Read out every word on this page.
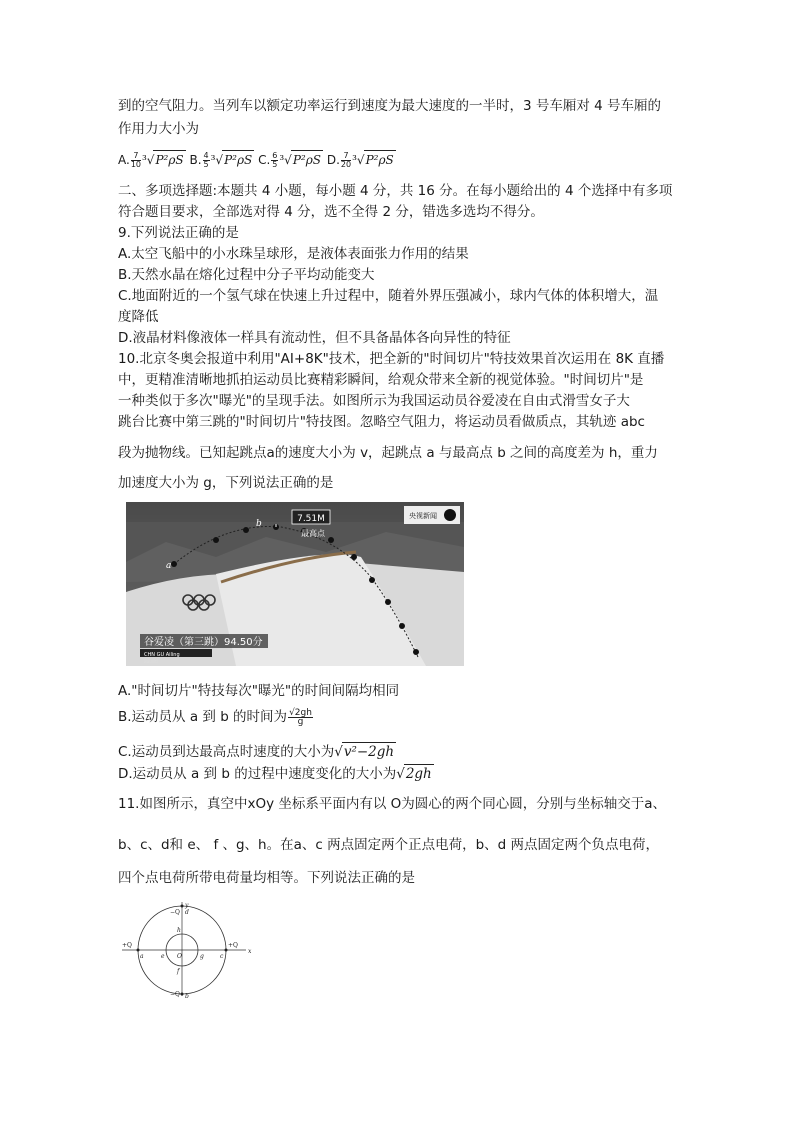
到的空气阻力。当列车以额定功率运行到速度为最大速度的一半时，3 号车厢对 4 号车厢的
作用力大小为
A. $\frac{7}{10} ^3√P^2\rho S$ B. $\frac{4}{5} ^3√P^2\rho S$ C. $\frac{6}{5} ^3√P^2\rho S$ D. $\frac{7}{20} ^3√P^2\rho S$
二、多项选择题:本题共 4 小题，每小题 4 分，共 16 分。在每小题给出的 4 个选择中有多项
符合题目要求，全部选对得 4 分，选不全得 2 分，错选多选均不得分。
9.下列说法正确的是
A.太空飞船中的小水珠呈球形，是液体表面张力作用的结果
B.天然水晶在熔化过程中分子平均动能变大
C.地面附近的一个氢气球在快速上升过程中，随着外界压强减小，球内气体的体积增大，温
度降低
D.液晶材料像液体一样具有流动性，但不具备晶体各向异性的特征
10.北京冬奥会报道中利用"AI+8K"技术，把全新的"时间切片"特技效果首次运用在 8K 直播
中，更精准清晰地抓拍运动员比赛精彩瞬间，给观众带来全新的视觉体验。"时间切片"是
一种类似于多次"曝光"的呈现手法。如图所示为我国运动员谷爱凌在自由式滑雪女子大
跳台比赛中第三跳的"时间切片"特技图。忽略空气阻力，将运动员看做质点，其轨迹 abc
段为抛物线。已知起跳点a的速度大小为 v，起跳点 a 与最高点 b 之间的高度差为 h，重力
加速度大小为 g，下列说法正确的是
7.51M
最高点
b
a
央视新闻
谷爱凌（第三跳）94.50分
CHN GU Ailing
Bauxiti
A."时间切片"特技每次"曝光"的时间间隔均相同
B.运动员从 a 到 b 的时间为 $\frac{√2gh}{g}$
C.运动员到达最高点时速度的大小为√v²−2gh
D.运动员从 a 到 b 的过程中速度变化的大小为√2gh
11.如图所示，真空中xOy 坐标系平面内有以 O为圆心的两个同心圆，分别与坐标轴交于a、
b、c、d和 e、 f 、g、h。在a、c 两点固定两个正点电荷，b、d 两点固定两个负点电荷，
四个点电荷所带电荷量均相等。下列说法正确的是
y
x
−Q
−Q
+Q	+Q
a
b
c
d
e
f
g
h
O
